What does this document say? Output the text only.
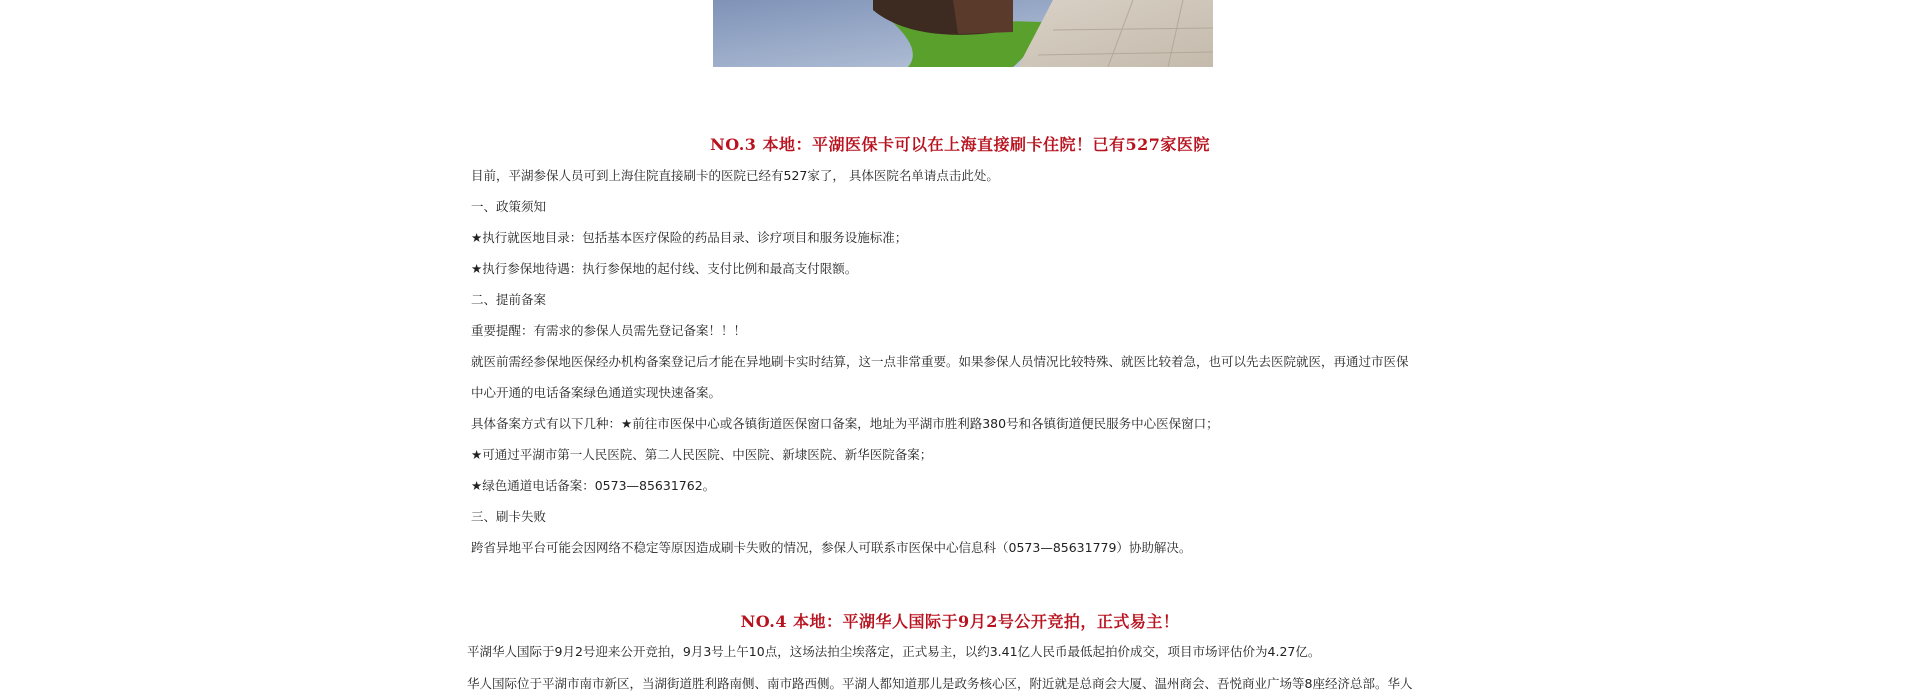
NO.3 本地：平湖医保卡可以在上海直接刷卡住院！已有527家医院

目前，平湖参保人员可到上海住院直接刷卡的医院已经有527家了， 具体医院名单请点击此处。

一、政策须知

★执行就医地目录：包括基本医疗保险的药品目录、诊疗项目和服务设施标准；

★执行参保地待遇：执行参保地的起付线、支付比例和最高支付限额。

二、提前备案

重要提醒：有需求的参保人员需先登记备案！！！

就医前需经参保地医保经办机构备案登记后才能在异地刷卡实时结算，这一点非常重要。如果参保人员情况比较特殊、就医比较着急，也可以先去医院就医，再通过市医保

中心开通的电话备案绿色通道实现快速备案。

具体备案方式有以下几种：★前往市医保中心或各镇街道医保窗口备案，地址为平湖市胜利路380号和各镇街道便民服务中心医保窗口；

★可通过平湖市第一人民医院、第二人民医院、中医院、新埭医院、新华医院备案；

★绿色通道电话备案：0573—85631762。

三、刷卡失败

跨省异地平台可能会因网络不稳定等原因造成刷卡失败的情况，参保人可联系市医保中心信息科（0573—85631779）协助解决。

NO.4 本地：平湖华人国际于9月2号公开竞拍，正式易主！

平湖华人国际于9月2号迎来公开竞拍，9月3号上午10点，这场法拍尘埃落定，正式易主，以约3.41亿人民币最低起拍价成交，项目市场评估价为4.27亿。

华人国际位于平湖市南市新区，当湖街道胜利路南侧、南市路西侧。平湖人都知道那儿是政务核心区，附近就是总商会大厦、温州商会、吾悦商业广场等8座经济总部。华人
